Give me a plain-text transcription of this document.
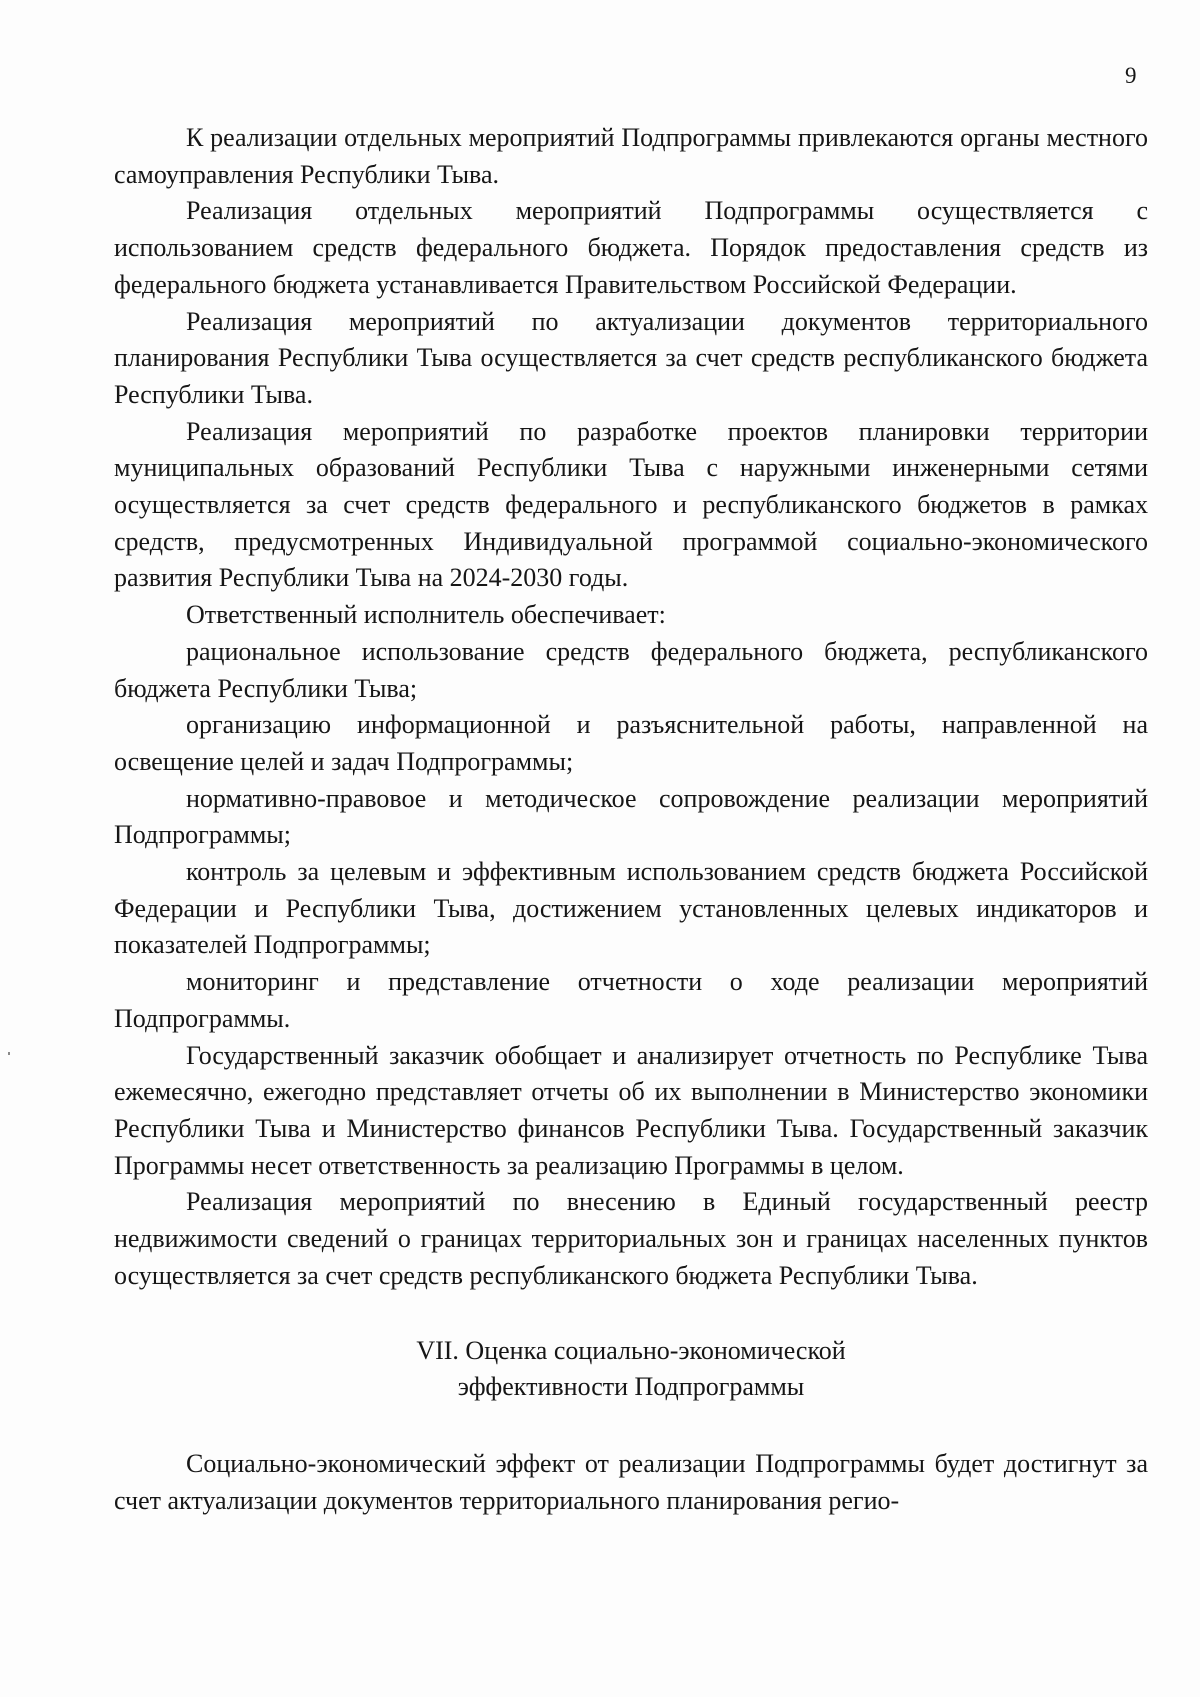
9

К реализации отдельных мероприятий Подпрограммы привлекаются органы местного самоуправления Республики Тыва.

Реализация отдельных мероприятий Подпрограммы осуществляется с использованием средств федерального бюджета. Порядок предоставления средств из федерального бюджета устанавливается Правительством Российской Федерации.

Реализация мероприятий по актуализации документов территориального планирования Республики Тыва осуществляется за счет средств республиканского бюджета Республики Тыва.

Реализация мероприятий по разработке проектов планировки территории муниципальных образований Республики Тыва с наружными инженерными сетями осуществляется за счет средств федерального и республиканского бюджетов в рамках средств, предусмотренных Индивидуальной программой социально-экономического развития Республики Тыва на 2024-2030 годы.

Ответственный исполнитель обеспечивает:

рациональное использование средств федерального бюджета, республиканского бюджета Республики Тыва;

организацию информационной и разъяснительной работы, направленной на освещение целей и задач Подпрограммы;

нормативно-правовое и методическое сопровождение реализации мероприятий Подпрограммы;

контроль за целевым и эффективным использованием средств бюджета Российской Федерации и Республики Тыва, достижением установленных целевых индикаторов и показателей Подпрограммы;

мониторинг и представление отчетности о ходе реализации мероприятий Подпрограммы.

Государственный заказчик обобщает и анализирует отчетность по Республике Тыва ежемесячно, ежегодно представляет отчеты об их выполнении в Министерство экономики Республики Тыва и Министерство финансов Республики Тыва. Государственный заказчик Программы несет ответственность за реализацию Программы в целом.

Реализация мероприятий по внесению в Единый государственный реестр недвижимости сведений о границах территориальных зон и границах населенных пунктов осуществляется за счет средств республиканского бюджета Республики Тыва.

VII. Оценка социально-экономической
эффективности Подпрограммы

Социально-экономический эффект от реализации Подпрограммы будет достигнут за счет актуализации документов территориального планирования регио-
